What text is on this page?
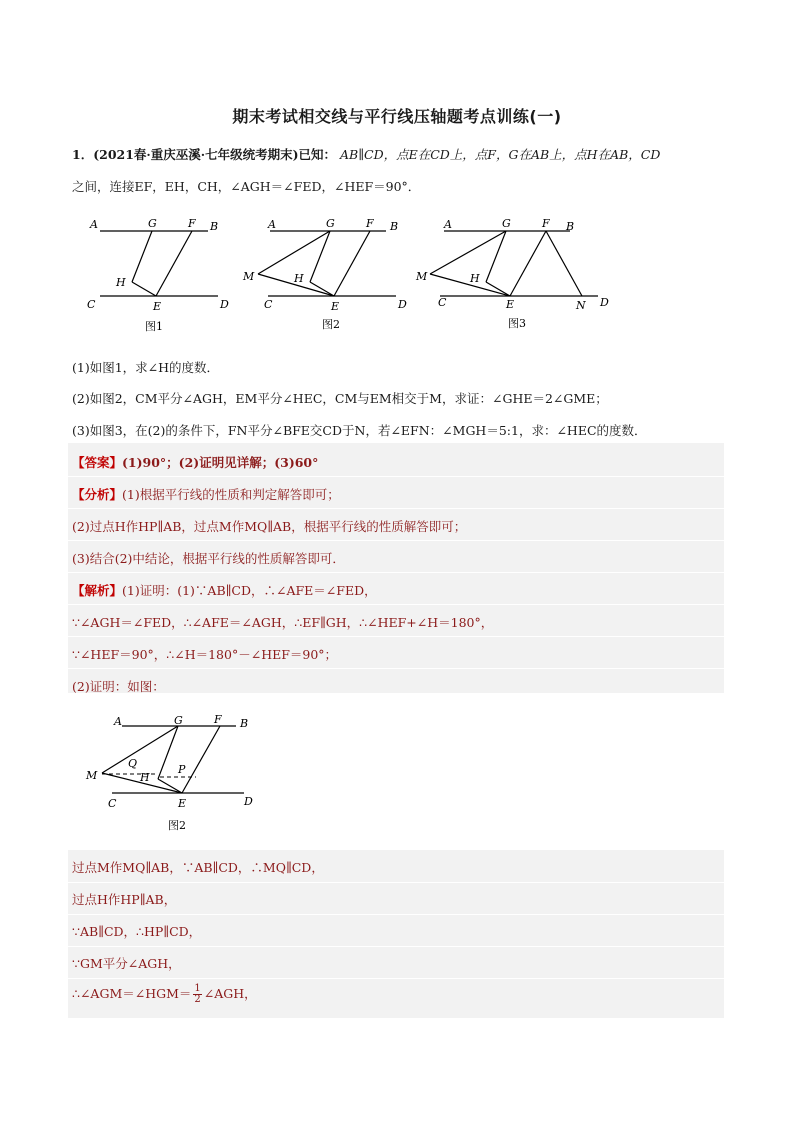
期末考试相交线与平行线压轴题考点训练(一)
1．(2021春·重庆巫溪·七年级统考期末)已知： AB∥CD，点E在CD上，点F，G在AB上，点H在AB，CD
之间，连接EF，EH，CH，∠AGH＝∠FED，∠HEF＝90°．
A	G	F B
H
C	E	D
图1
A	G	F B
M	H
C	E	D
图2
A	G	F B
M	H
C	E	N D
图3
(1)如图1，求∠H的度数．
(2)如图2，CM平分∠AGH，EM平分∠HEC，CM与EM相交于M，求证：∠GHE＝2∠GME；
(3)如图3，在(2)的条件下，FN平分∠BFE交CD于N，若∠EFN：∠MGH＝5:1，求：∠HEC的度数．
【答案】(1)90°；(2)证明见详解；(3)60°
【分析】(1)根据平行线的性质和判定解答即可；
(2)过点H作HP∥AB，过点M作MQ∥AB，根据平行线的性质解答即可；
(3)结合(2)中结论，根据平行线的性质解答即可．
【解析】(1)证明：(1)∵AB∥CD，∴∠AFE＝∠FED，
∵∠AGH＝∠FED，∴∠AFE＝∠AGH，∴EF∥GH，∴∠HEF+∠H＝180°，
∵∠HEF＝90°，∴∠H＝180°－∠HEF＝90°；
(2)证明：如图：
A	G	F B
Q
M	H
P
C	E	D
图2
过点M作MQ∥AB，∵AB∥CD，∴MQ∥CD，
过点H作HP∥AB，
∵AB∥CD，∴HP∥CD，
∵GM平分∠AGH，
∴∠AGM＝∠HGM＝ $\frac{1}{2}$ ∠AGH，
